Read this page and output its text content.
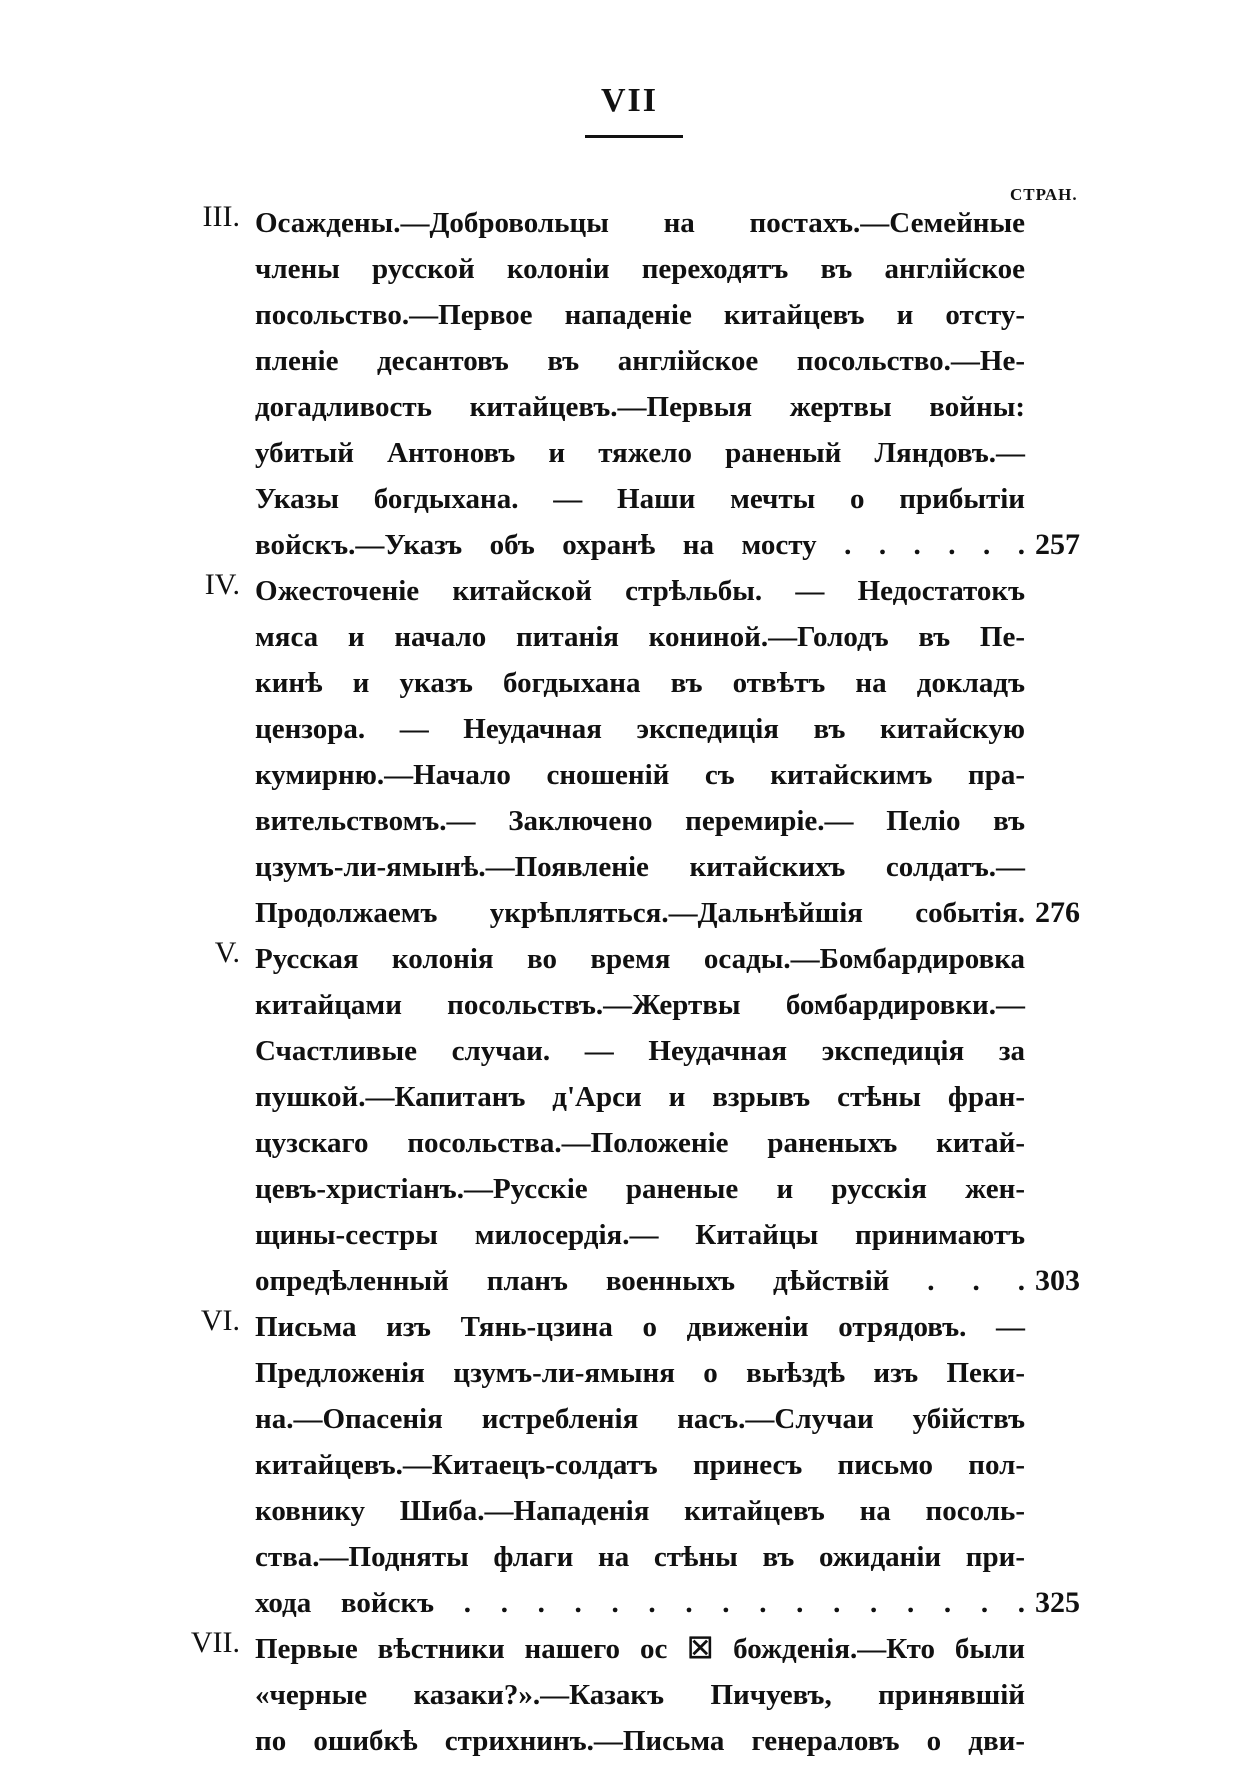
VII
СТРАН.
III. Осаждены.—Добровольцы на постахъ.—Семейные
члены русской колонiи переходятъ въ англiйское
посольство.—Первое нападенiе китайцевъ и отсту-
пленiе десантовъ въ англiйское посольство.—Не-
догадливость китайцевъ.—Первыя жертвы войны:
убитый Антоновъ и тяжело раненый Ляндовъ.—
Указы богдыхана. — Наши мечты о прибытiи
войскъ.—Указъ объ охранѣ на мосту . . . . . . 257
IV. Ожесточенiе китайской стрѣльбы. — Недостатокъ
мяса и начало питанiя кониной.—Голодъ въ Пе-
кинѣ и указъ богдыхана въ отвѣтъ на докладъ
цензора. — Неудачная экспедицiя въ китайскую
кумирню.—Начало сношенiй съ китайскимъ пра-
вительствомъ.— Заключено перемирiе.— Пелiо въ
цзумъ-ли-ямынѣ.—Появленiе китайскихъ солдатъ.—
Продолжаемъ укрѣпляться.—Дальнѣйшiя событiя. 276
V. Русская колонiя во время осады.—Бомбардировка
китайцами посольствъ.—Жертвы бомбардировки.—
Счастливые случаи. — Неудачная экспедицiя за
пушкой.—Капитанъ д'Арси и взрывъ стѣны фран-
цузскаго посольства.—Положенiе раненыхъ китай-
цевъ-христiанъ.—Русскiе раненые и русскiя жен-
щины-сестры милосердiя.— Китайцы принимаютъ
опредѣленный планъ военныхъ дѣйствiй . . . 303
VI. Письма изъ Тянь-цзина о движенiи отрядовъ. —
Предложенiя цзумъ-ли-ямыня о выѣздѣ изъ Пеки-
на.—Опасенiя истребленiя насъ.—Случаи убiйствъ
китайцевъ.—Китаецъ-солдатъ принесъ письмо пол-
ковнику Шиба.—Нападенiя китайцевъ на посоль-
ства.—Подняты флаги на стѣны въ ожиданiи при-
хода войскъ . . . . . . . . . . . . . . . . 325
VII. Первые вѣстники нашего ос ☒ божденiя.—Кто были
«черные казаки?».—Казакъ Пичуевъ, принявшiй
по ошибкѣ стрихнинъ.—Письма генераловъ о дви-
